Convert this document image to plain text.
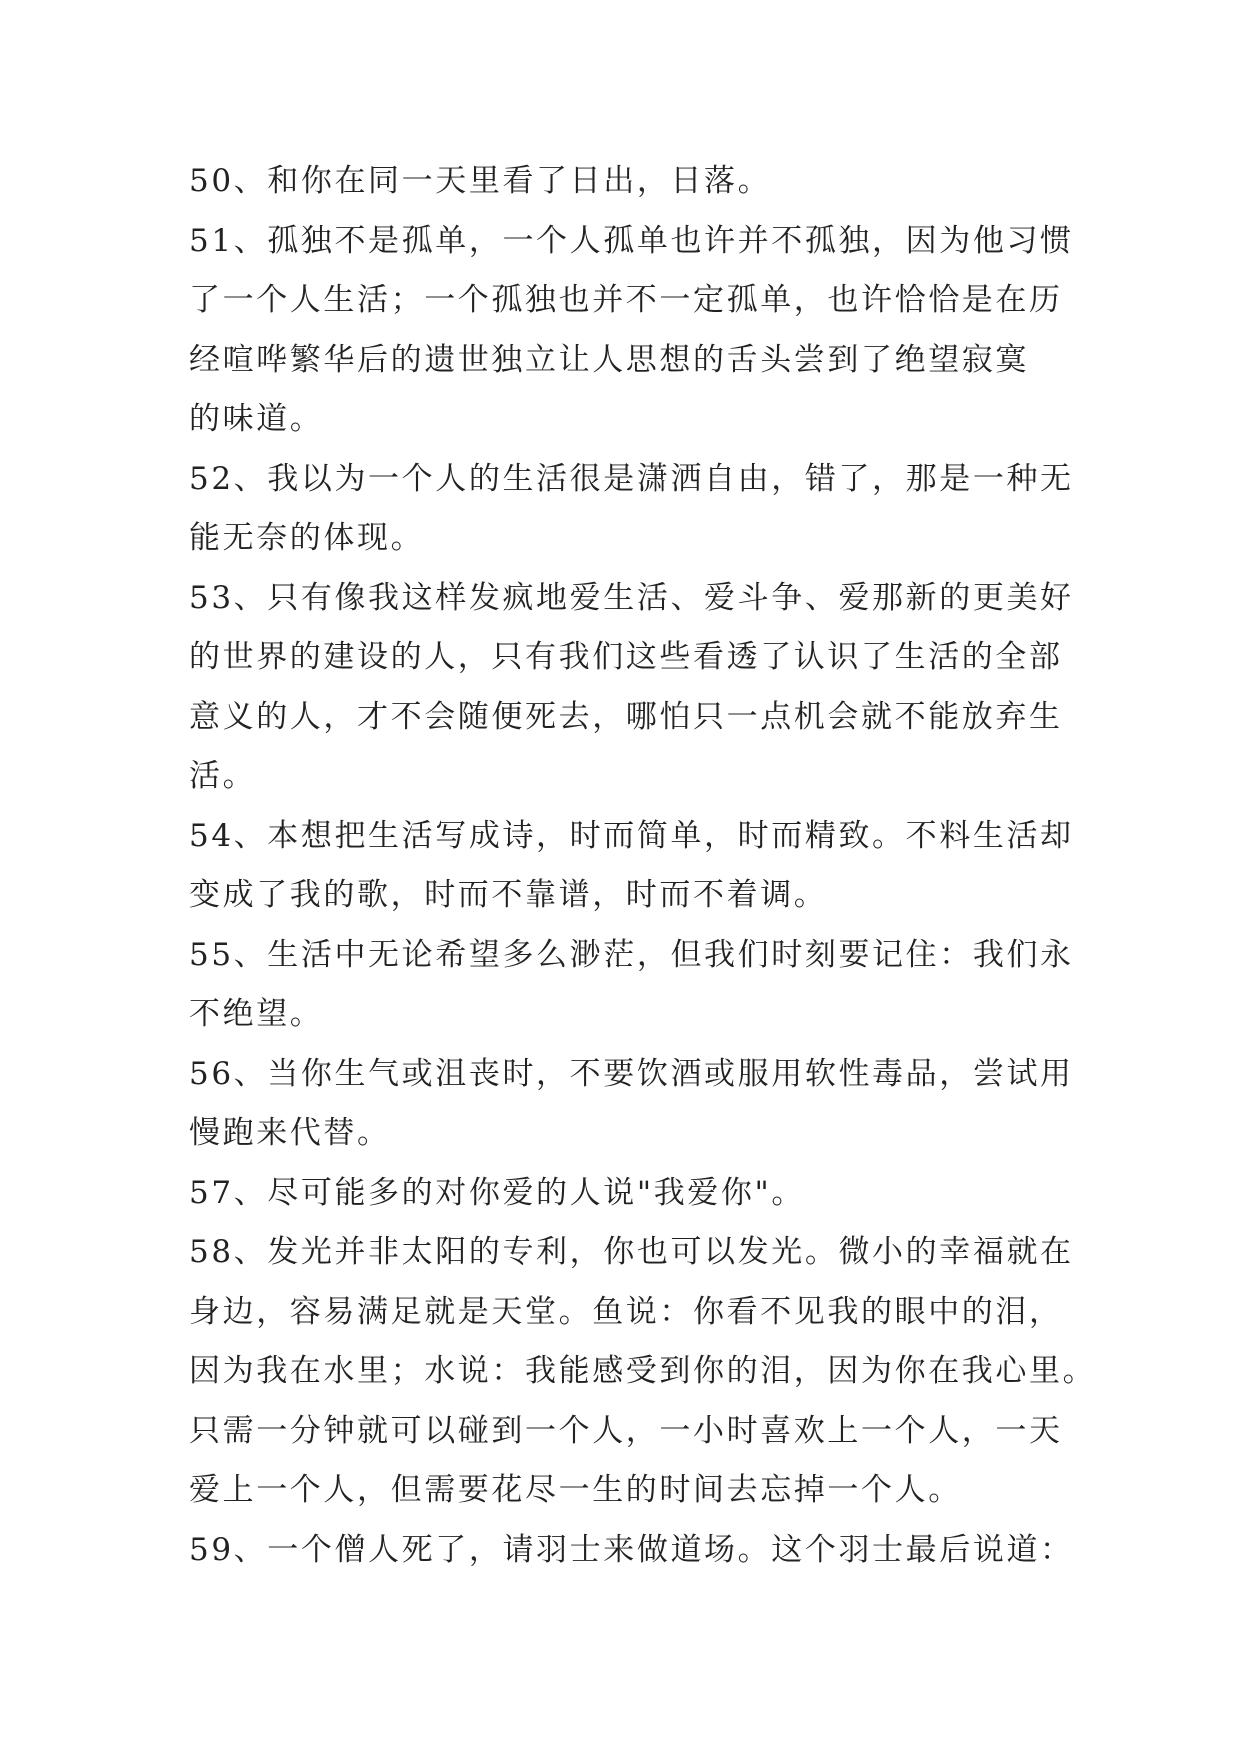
50、和你在同一天里看了日出，日落。

51、孤独不是孤单，一个人孤单也许并不孤独，因为他习惯
了一个人生活；一个孤独也并不一定孤单，也许恰恰是在历
经喧哗繁华后的遗世独立让人思想的舌头尝到了绝望寂寞
的味道。

52、我以为一个人的生活很是潇洒自由，错了，那是一种无
能无奈的体现。

53、只有像我这样发疯地爱生活、爱斗争、爱那新的更美好
的世界的建设的人，只有我们这些看透了认识了生活的全部
意义的人，才不会随便死去，哪怕只一点机会就不能放弃生
活。

54、本想把生活写成诗，时而简单，时而精致。不料生活却
变成了我的歌，时而不靠谱，时而不着调。

55、生活中无论希望多么渺茫，但我们时刻要记住：我们永
不绝望。

56、当你生气或沮丧时，不要饮酒或服用软性毒品，尝试用
慢跑来代替。

57、尽可能多的对你爱的人说"我爱你"。

58、发光并非太阳的专利，你也可以发光。微小的幸福就在
身边，容易满足就是天堂。鱼说：你看不见我的眼中的泪，
因为我在水里；水说：我能感受到你的泪，因为你在我心里。
只需一分钟就可以碰到一个人，一小时喜欢上一个人，一天
爱上一个人，但需要花尽一生的时间去忘掉一个人。

59、一个僧人死了，请羽士来做道场。这个羽士最后说道：
